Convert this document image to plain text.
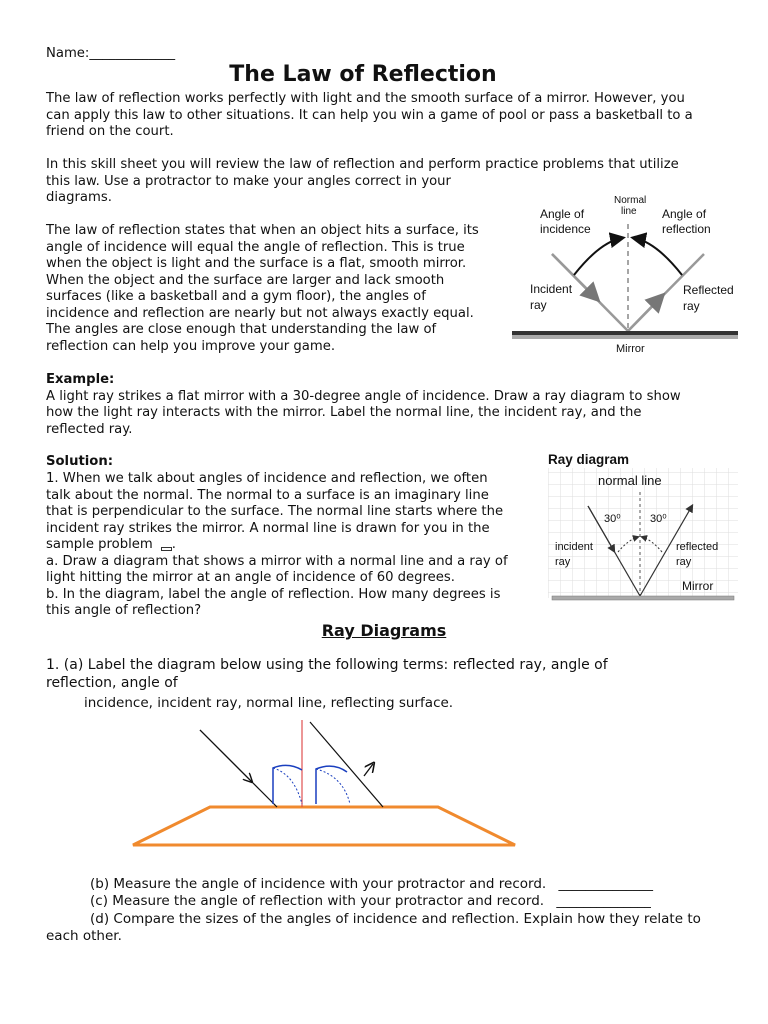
Name:_____________
The Law of Reflection
The law of reflection works perfectly with light and the smooth surface of a mirror. However, you
can apply this law to other situations. It can help you win a game of pool or pass a basketball to a
friend on the court.
In this skill sheet you will review the law of reflection and perform practice problems that utilize
this law. Use a protractor to make your angles correct in your
diagrams.
The law of reflection states that when an object hits a surface, its
angle of incidence will equal the angle of reflection. This is true
when the object is light and the surface is a flat, smooth mirror.
When the object and the surface are larger and lack smooth
surfaces (like a basketball and a gym floor), the angles of
incidence and reflection are nearly but not always exactly equal.
The angles are close enough that understanding the law of
reflection can help you improve your game.
Normal
line
Angle of
incidence
Angle of
reflection
Incident
ray
Reflected
ray
Mirror
Example:
A light ray strikes a flat mirror with a 30-degree angle of incidence. Draw a ray diagram to show
how the light ray interacts with the mirror. Label the normal line, the incident ray, and the
reflected ray.
Solution:
1. When we talk about angles of incidence and reflection, we often
talk about the normal. The normal to a surface is an imaginary line
that is perpendicular to the surface. The normal line starts where the
incident ray strikes the mirror. A normal line is drawn for you in the
sample problem .
a. Draw a diagram that shows a mirror with a normal line and a ray of
light hitting the mirror at an angle of incidence of 60 degrees.
b. In the diagram, label the angle of reflection. How many degrees is
this angle of reflection?
Ray diagram
normal line
30⁰	30⁰
incident
ray
reflected
ray
Mirror
Ray Diagrams
1. (a) Label the diagram below using the following terms: reflected ray, angle of
reflection, angle of
incidence, incident ray, normal line, reflecting surface.
(b) Measure the angle of incidence with your protractor and record. ______________
(c) Measure the angle of reflection with your protractor and record. ______________
(d) Compare the sizes of the angles of incidence and reflection. Explain how they relate to
each other.
